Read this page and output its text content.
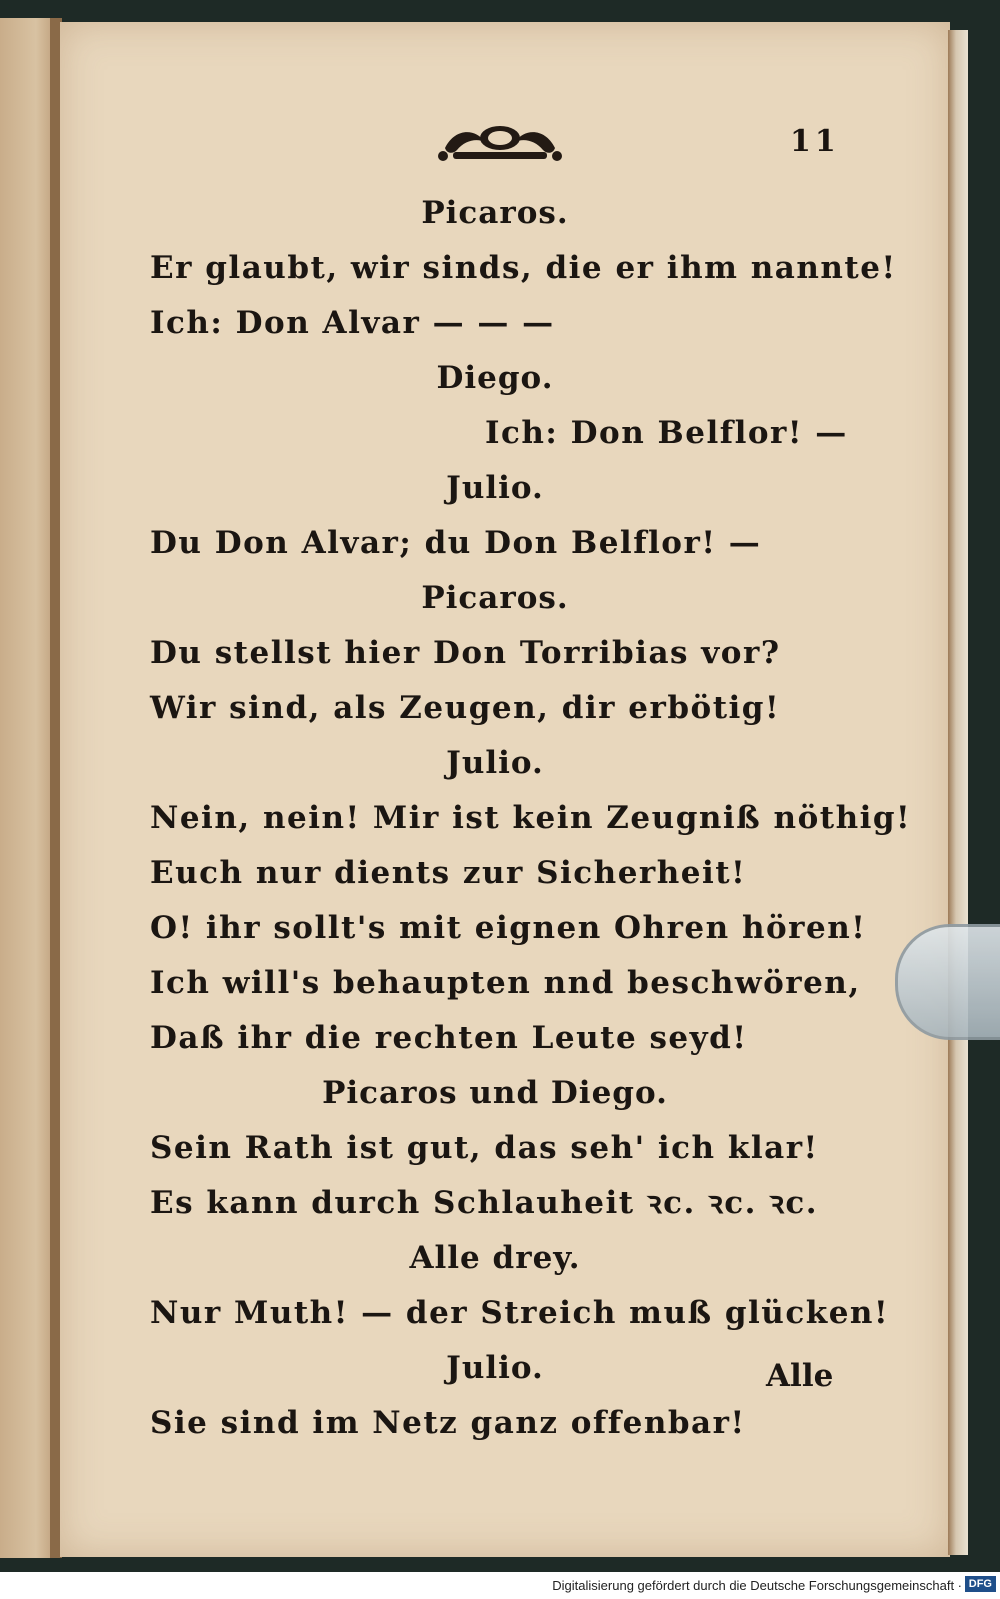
11
Picaros.
Er glaubt, wir sinds, die er ihm nannte!
Ich: Don Alvar — — —
Diego.
Ich: Don Belflor! —
Julio.
Du Don Alvar; du Don Belflor! —
Picaros.
Du stellst hier Don Torribias vor?
Wir sind, als Zeugen, dir erbötig!
Julio.
Nein, nein! Mir ist kein Zeugniß nöthig!
Euch nur dients zur Sicherheit!
O! ihr sollt's mit eignen Ohren hören!
Ich will's behaupten nnd beschwören,
Daß ihr die rechten Leute seyd!
Picaros und Diego.
Sein Rath ist gut, das seh' ich klar!
Es kann durch Schlauheit ꝛc. ꝛc. ꝛc.
Alle drey.
Nur Muth! — der Streich muß glücken!
Julio.
Sie sind im Netz ganz offenbar!
Alle
Digitalisierung gefördert durch die Deutsche Forschungsgemeinschaft · DFG
